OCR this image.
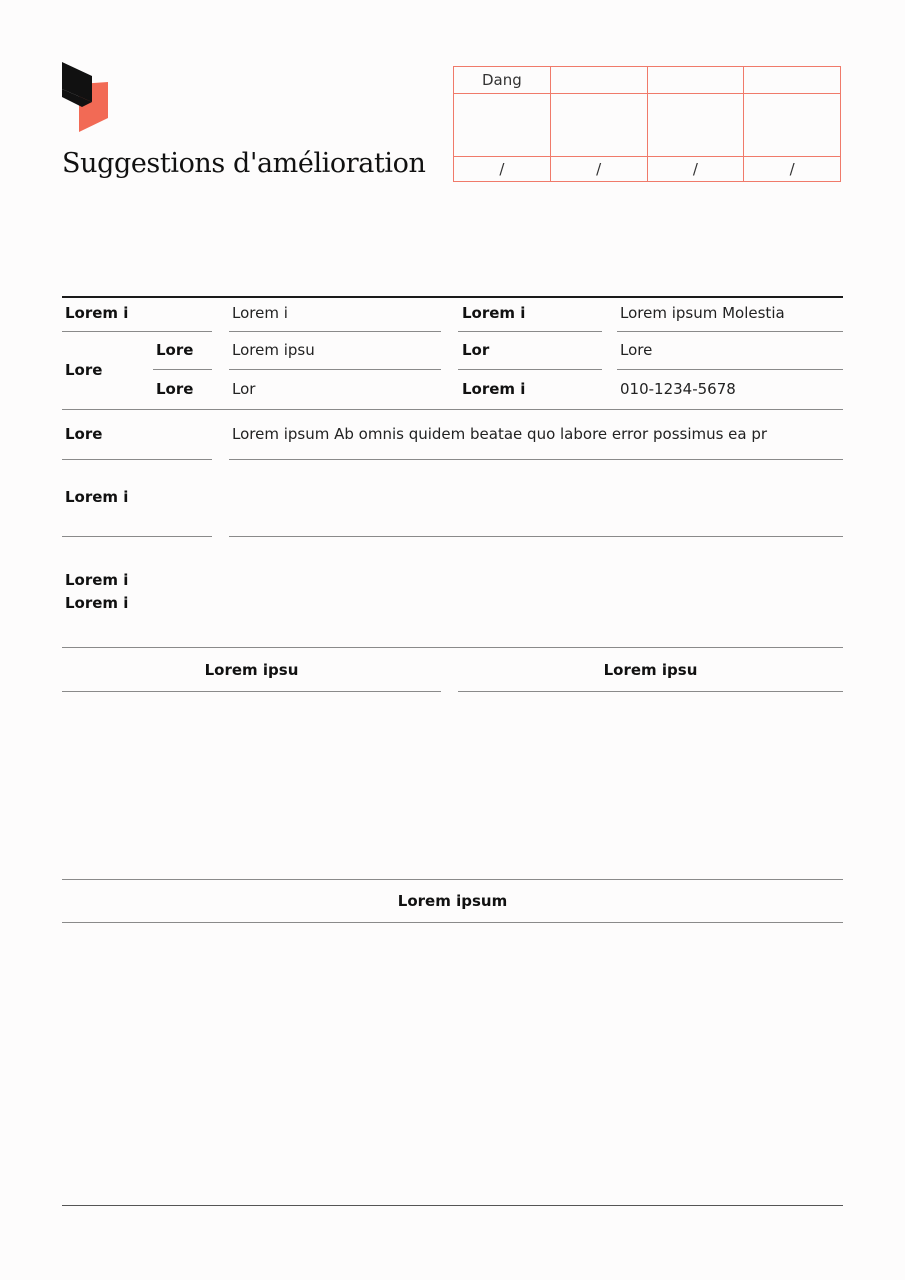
Suggestions d'amélioration
Dang			

/	/	/	/
Lorem i	Lorem i	Lorem i	Lorem ipsum Molestia
Lore
Lore	Lorem ipsu	Lor	Lore
Lore	Lor	Lorem i	010-1234-5678
Lore	Lorem ipsum Ab omnis quidem beatae quo labore error possimus ea pr
Lorem i
Lorem i
Lorem i
Lorem ipsu	Lorem ipsu
Lorem ipsum
